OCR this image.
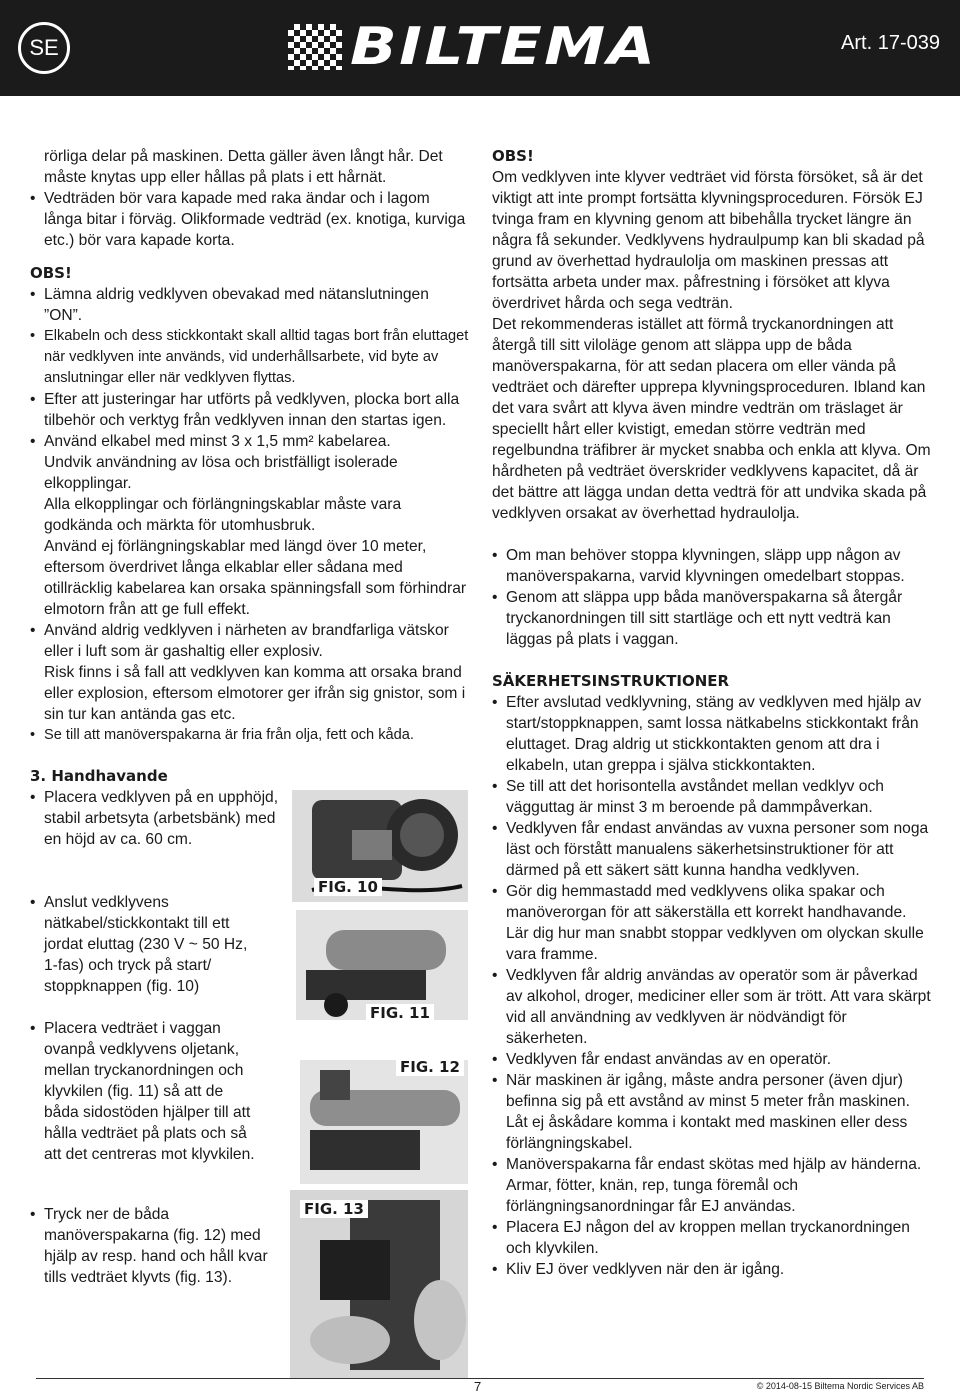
SE	BILTEMA	Art. 17-039

rörliga delar på maskinen. Detta gäller även långt hår. Det måste knytas upp eller hållas på plats i ett hårnät.

• Vedträden bör vara kapade med raka ändar och i lagom långa bitar i förväg. Olikformade vedträd (ex. knotiga, kurviga etc.) bör vara kapade korta.

OBS!

• Lämna aldrig vedklyven obevakad med nätanslutningen ”ON”.

• Elkabeln och dess stickkontakt skall alltid tagas bort från eluttaget när vedklyven inte används, vid underhållsarbete, vid byte av anslutningar eller när vedklyven flyttas.

• Efter att justeringar har utförts på vedklyven, plocka bort alla tilbehör och verktyg från vedklyven innan den startas igen.

• Använd elkabel med minst 3 x 1,5 mm² kabelarea.

Undvik användning av lösa och bristfälligt isolerade elkopplingar.

Alla elkopplingar och förlängningskablar måste vara godkända och märkta för utomhusbruk.

Använd ej förlängningskablar med längd över 10 meter, eftersom överdrivet långa elkablar eller sådana med otillräcklig kabelarea kan orsaka spänningsfall som förhindrar elmotorn från att ge full effekt.

• Använd aldrig vedklyven i närheten av brandfarliga vätskor eller i luft som är gashaltig eller explosiv.

Risk finns i så fall att vedklyven kan komma att orsaka brand eller explosion, eftersom elmotorer ger ifrån sig gnistor, som i sin tur kan antända gas etc.

• Se till att manöverspakarna är fria från olja, fett och kåda.

3. Handhavande

• Placera vedklyven på en upphöjd, stabil arbetsyta (arbetsbänk) med en höjd av ca. 60 cm.

• Anslut vedklyvens nätkabel/stickkontakt till ett jordat eluttag (230 V ~ 50 Hz, 1-fas) och tryck på start/ stoppknappen (fig. 10)

• Placera vedträet i vaggan ovanpå vedklyvens oljetank, mellan tryckanordningen och klyvkilen (fig. 11) så att de båda sidostöden hjälper till att hålla vedträet på plats och så att det centreras mot klyvkilen.

• Tryck ner de båda manöverspakarna (fig. 12) med hjälp av resp. hand och håll kvar tills vedträet klyvts (fig. 13).

FIG. 10
FIG. 11
FIG. 12
FIG. 13

OBS!

Om vedklyven inte klyver vedträet vid första försöket, så är det viktigt att inte prompt fortsätta klyvningsproceduren. Försök EJ tvinga fram en klyvning genom att bibehålla trycket längre än några få sekunder. Vedklyvens hydraulpump kan bli skadad på grund av överhettad hydraulolja om maskinen pressas att fortsätta arbeta under max. påfrestning i försöket att klyva överdrivet hårda och sega vedträn.

Det rekommenderas istället att förmå tryckanordningen att återgå till sitt viloläge genom att släppa upp de båda manöverspakarna, för att sedan placera om eller vända på vedträet och därefter upprepa klyvningsproceduren. Ibland kan det vara svårt att klyva även mindre vedträn om träslaget är speciellt hårt eller kvistigt, emedan större vedträn med regelbundna träfibrer är mycket snabba och enkla att klyva. Om hårdheten på vedträet överskrider vedklyvens kapacitet, då är det bättre att lägga undan detta vedträ för att undvika skada på vedklyven orsakat av överhettad hydraulolja.

• Om man behöver stoppa klyvningen, släpp upp någon av manöverspakarna, varvid klyvningen omedelbart stoppas.

• Genom att släppa upp båda manöverspakarna så återgår tryckanordningen till sitt startläge och ett nytt vedträ kan läggas på plats i vaggan.

SÄKERHETSINSTRUKTIONER

• Efter avslutad vedklyvning, stäng av vedklyven med hjälp av start/stoppknappen, samt lossa nätkabelns stickkontakt från eluttaget. Drag aldrig ut stickkontakten genom att dra i elkabeln, utan greppa i själva stickkontakten.

• Se till att det horisontella avståndet mellan vedklyv och vägguttag är minst 3 m beroende på dammpåverkan.

• Vedklyven får endast användas av vuxna personer som noga läst och förstått manualens säkerhetsinstruktioner för att därmed på ett säkert sätt kunna handha vedklyven.

• Gör dig hemmastadd med vedklyvens olika spakar och manöverorgan för att säkerställa ett korrekt handhavande. Lär dig hur man snabbt stoppar vedklyven om olyckan skulle vara framme.

• Vedklyven får aldrig användas av operatör som är påverkad av alkohol, droger, mediciner eller som är trött. Att vara skärpt vid all användning av vedklyven är nödvändigt för säkerheten.

• Vedklyven får endast användas av en operatör.

• När maskinen är igång, måste andra personer (även djur) befinna sig på ett avstånd av minst 5 meter från maskinen. Låt ej åskådare komma i kontakt med maskinen eller dess förlängningskabel.

• Manöverspakarna får endast skötas med hjälp av händerna. Armar, fötter, knän, rep, tunga föremål och förlängningsanordningar får EJ användas.

• Placera EJ någon del av kroppen mellan tryckanordningen och klyvkilen.

• Kliv EJ över vedklyven när den är igång.

7	© 2014-08-15 Biltema Nordic Services AB
